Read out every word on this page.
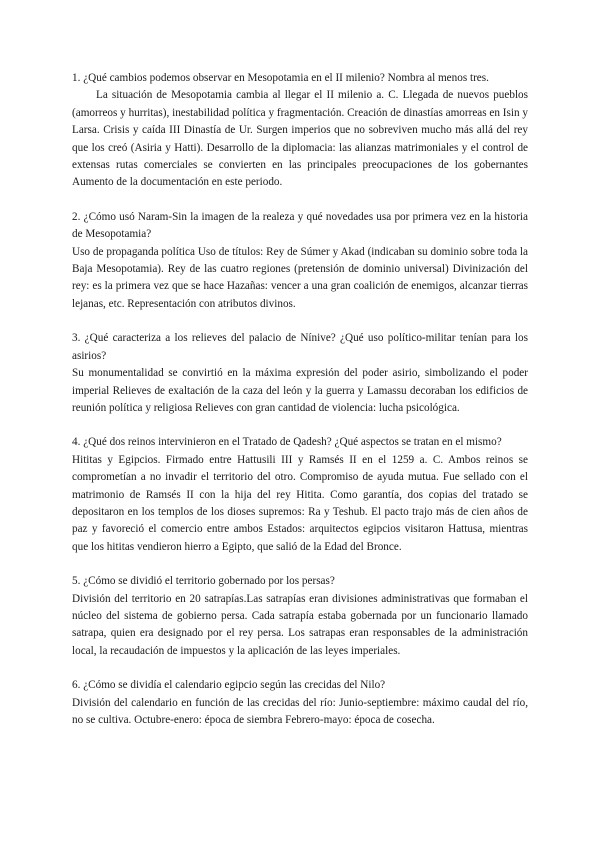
1. ¿Qué cambios podemos observar en Mesopotamia en el II milenio? Nombra al menos tres.

La situación de Mesopotamia cambia al llegar el II milenio a. C. Llegada de nuevos pueblos (amorreos y hurritas), inestabilidad política y fragmentación. Creación de dinastías amorreas en Isin y Larsa. Crisis y caída III Dinastía de Ur. Surgen imperios que no sobreviven mucho más allá del rey que los creó (Asiria y Hatti). Desarrollo de la diplomacia: las alianzas matrimoniales y el control de extensas rutas comerciales se convierten en las principales preocupaciones de los gobernantes Aumento de la documentación en este periodo.

2. ¿Cómo usó Naram-Sin la imagen de la realeza y qué novedades usa por primera vez en la historia de Mesopotamia?

Uso de propaganda política Uso de títulos: Rey de Súmer y Akad (indicaban su dominio sobre toda la Baja Mesopotamia). Rey de las cuatro regiones (pretensión de dominio universal) Divinización del rey: es la primera vez que se hace Hazañas: vencer a una gran coalición de enemigos, alcanzar tierras lejanas, etc. Representación con atributos divinos.

3. ¿Qué caracteriza a los relieves del palacio de Nínive? ¿Qué uso político-militar tenían para los asirios?

Su monumentalidad se convirtió en la máxima expresión del poder asirio, simbolizando el poder imperial Relieves de exaltación de la caza del león y la guerra y Lamassu decoraban los edificios de reunión política y religiosa Relieves con gran cantidad de violencia: lucha psicológica.

4. ¿Qué dos reinos intervinieron en el Tratado de Qadesh? ¿Qué aspectos se tratan en el mismo?

Hititas y Egipcios. Firmado entre Hattusili III y Ramsés II en el 1259 a. C. Ambos reinos se comprometían a no invadir el territorio del otro. Compromiso de ayuda mutua. Fue sellado con el matrimonio de Ramsés II con la hija del rey Hitita. Como garantía, dos copias del tratado se depositaron en los templos de los dioses supremos: Ra y Teshub. El pacto trajo más de cien años de paz y favoreció el comercio entre ambos Estados: arquitectos egipcios visitaron Hattusa, mientras que los hititas vendieron hierro a Egipto, que salió de la Edad del Bronce.

5. ¿Cómo se dividió el territorio gobernado por los persas?

División del territorio en 20 satrapías.Las satrapías eran divisiones administrativas que formaban el núcleo del sistema de gobierno persa. Cada satrapía estaba gobernada por un funcionario llamado satrapa, quien era designado por el rey persa. Los satrapas eran responsables de la administración local, la recaudación de impuestos y la aplicación de las leyes imperiales.

6. ¿Cómo se dividía el calendario egipcio según las crecidas del Nilo?

División del calendario en función de las crecidas del río: Junio-septiembre: máximo caudal del río, no se cultiva. Octubre-enero: época de siembra Febrero-mayo: época de cosecha.
